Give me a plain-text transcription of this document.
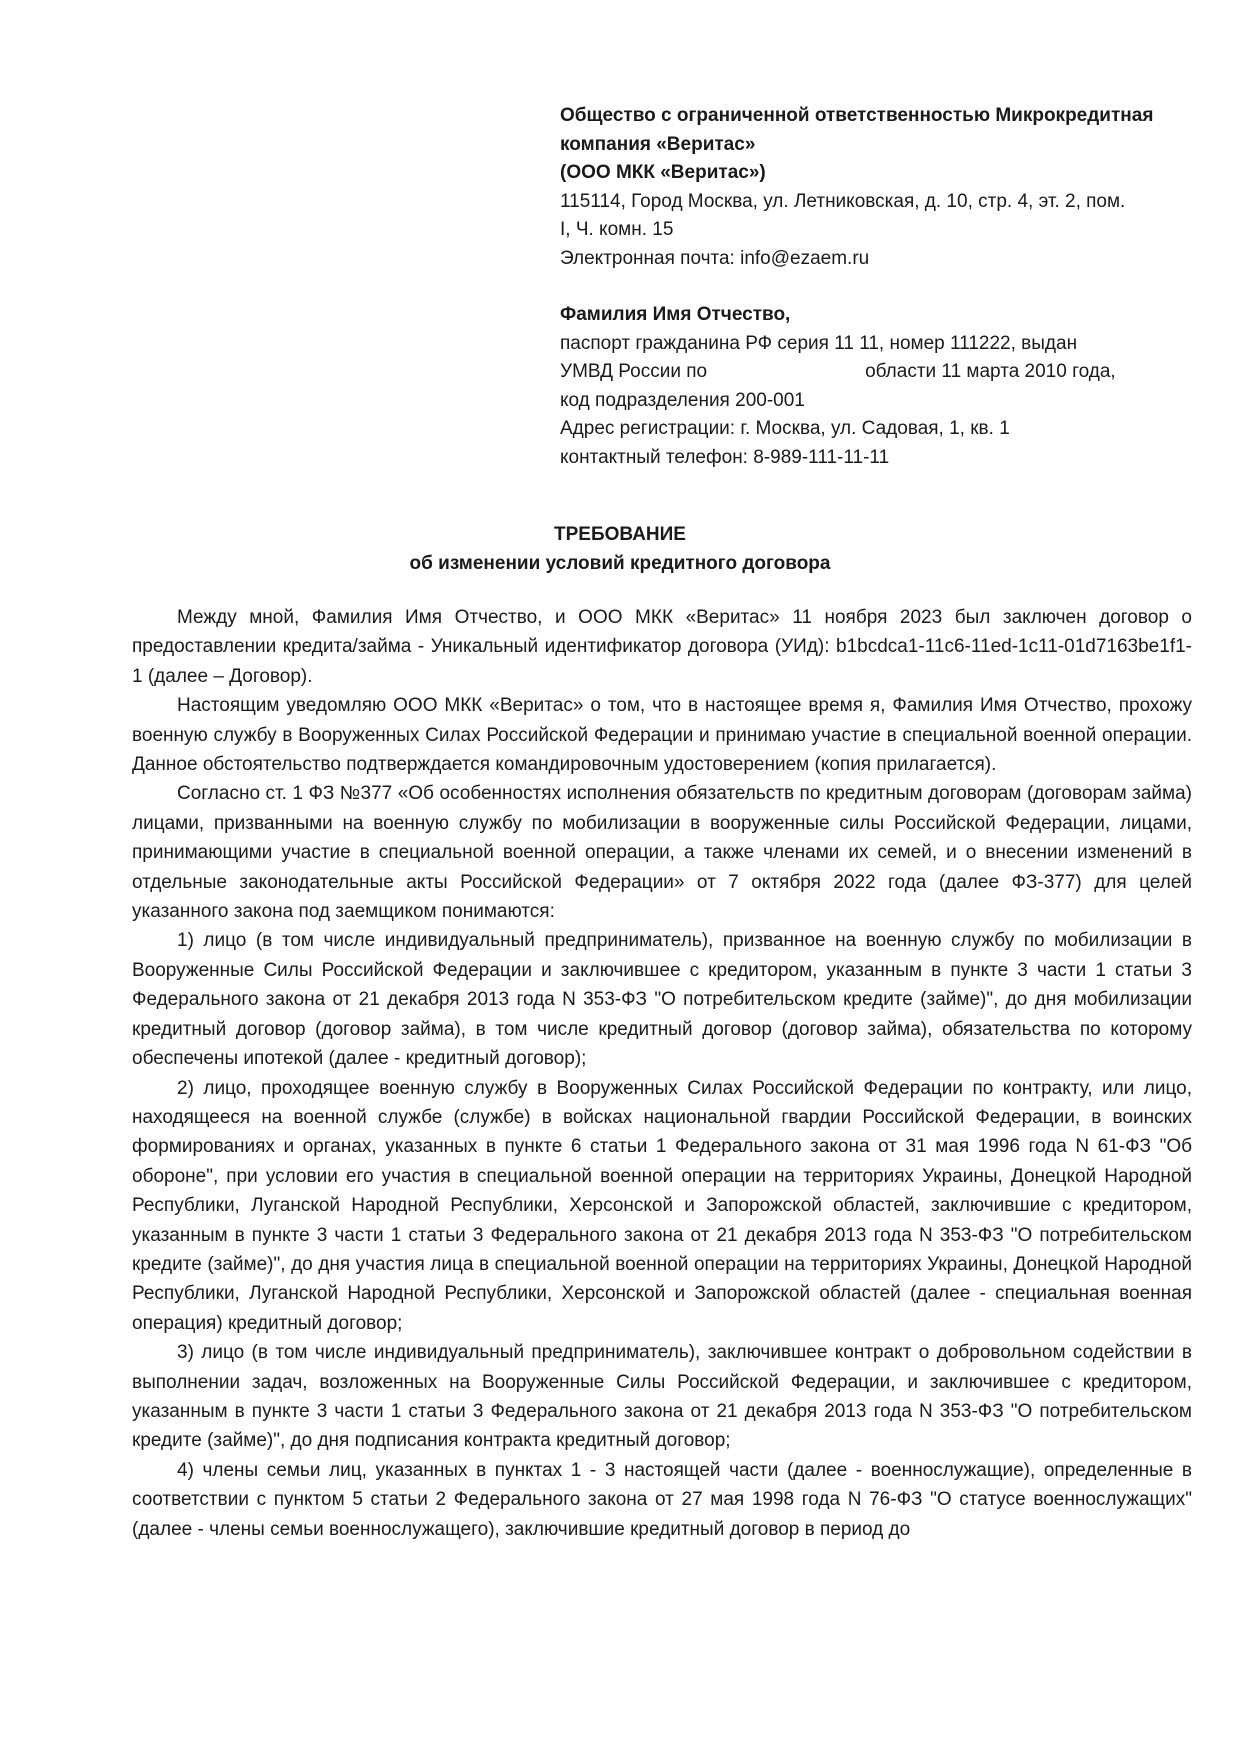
Общество с ограниченной ответственностью Микрокредитная
компания «Веритас»
(ООО МКК «Веритас»)
115114, Город Москва, ул. Летниковская, д. 10, стр. 4, эт. 2, пом.
I, Ч. комн. 15
Электронная почта: info@ezaem.ru
Фамилия Имя Отчество,
паспорт гражданина РФ серия 11 11, номер 111222, выдан
УМВД России по	области 11 марта 2010 года,
код подразделения 200-001
Адрес регистрации: г. Москва, ул. Садовая, 1, кв. 1
контактный телефон: 8-989-111-11-11
ТРЕБОВАНИЕ
об изменении условий кредитного договора

Между мной, Фамилия Имя Отчество, и ООО МКК «Веритас» 11 ноября 2023 был заключен договор о предоставлении кредита/займа - Уникальный идентификатор договора (УИд): b1bcdca1-11c6-11ed-1c11-01d7163be1f1-1 (далее – Договор).

Настоящим уведомляю ООО МКК «Веритас» о том, что в настоящее время я, Фамилия Имя Отчество, прохожу военную службу в Вооруженных Силах Российской Федерации и принимаю участие в специальной военной операции. Данное обстоятельство подтверждается командировочным удостоверением (копия прилагается).

Согласно ст. 1 ФЗ №377 «Об особенностях исполнения обязательств по кредитным договорам (договорам займа) лицами, призванными на военную службу по мобилизации в вооруженные силы Российской Федерации, лицами, принимающими участие в специальной военной операции, а также членами их семей, и о внесении изменений в отдельные законодательные акты Российской Федерации» от 7 октября 2022 года (далее ФЗ-377) для целей указанного закона под заемщиком понимаются:

1) лицо (в том числе индивидуальный предприниматель), призванное на военную службу по мобилизации в Вооруженные Силы Российской Федерации и заключившее с кредитором, указанным в пункте 3 части 1 статьи 3 Федерального закона от 21 декабря 2013 года N 353-ФЗ "О потребительском кредите (займе)", до дня мобилизации кредитный договор (договор займа), в том числе кредитный договор (договор займа), обязательства по которому обеспечены ипотекой (далее - кредитный договор);

2) лицо, проходящее военную службу в Вооруженных Силах Российской Федерации по контракту, или лицо, находящееся на военной службе (службе) в войсках национальной гвардии Российской Федерации, в воинских формированиях и органах, указанных в пункте 6 статьи 1 Федерального закона от 31 мая 1996 года N 61-ФЗ "Об обороне", при условии его участия в специальной военной операции на территориях Украины, Донецкой Народной Республики, Луганской Народной Республики, Херсонской и Запорожской областей, заключившие с кредитором, указанным в пункте 3 части 1 статьи 3 Федерального закона от 21 декабря 2013 года N 353-ФЗ "О потребительском кредите (займе)", до дня участия лица в специальной военной операции на территориях Украины, Донецкой Народной Республики, Луганской Народной Республики, Херсонской и Запорожской областей (далее - специальная военная операция) кредитный договор;

3) лицо (в том числе индивидуальный предприниматель), заключившее контракт о добровольном содействии в выполнении задач, возложенных на Вооруженные Силы Российской Федерации, и заключившее с кредитором, указанным в пункте 3 части 1 статьи 3 Федерального закона от 21 декабря 2013 года N 353-ФЗ "О потребительском кредите (займе)", до дня подписания контракта кредитный договор;

4) члены семьи лиц, указанных в пунктах 1 - 3 настоящей части (далее - военнослужащие), определенные в соответствии с пунктом 5 статьи 2 Федерального закона от 27 мая 1998 года N 76-ФЗ "О статусе военнослужащих" (далее - члены семьи военнослужащего), заключившие кредитный договор в период до
